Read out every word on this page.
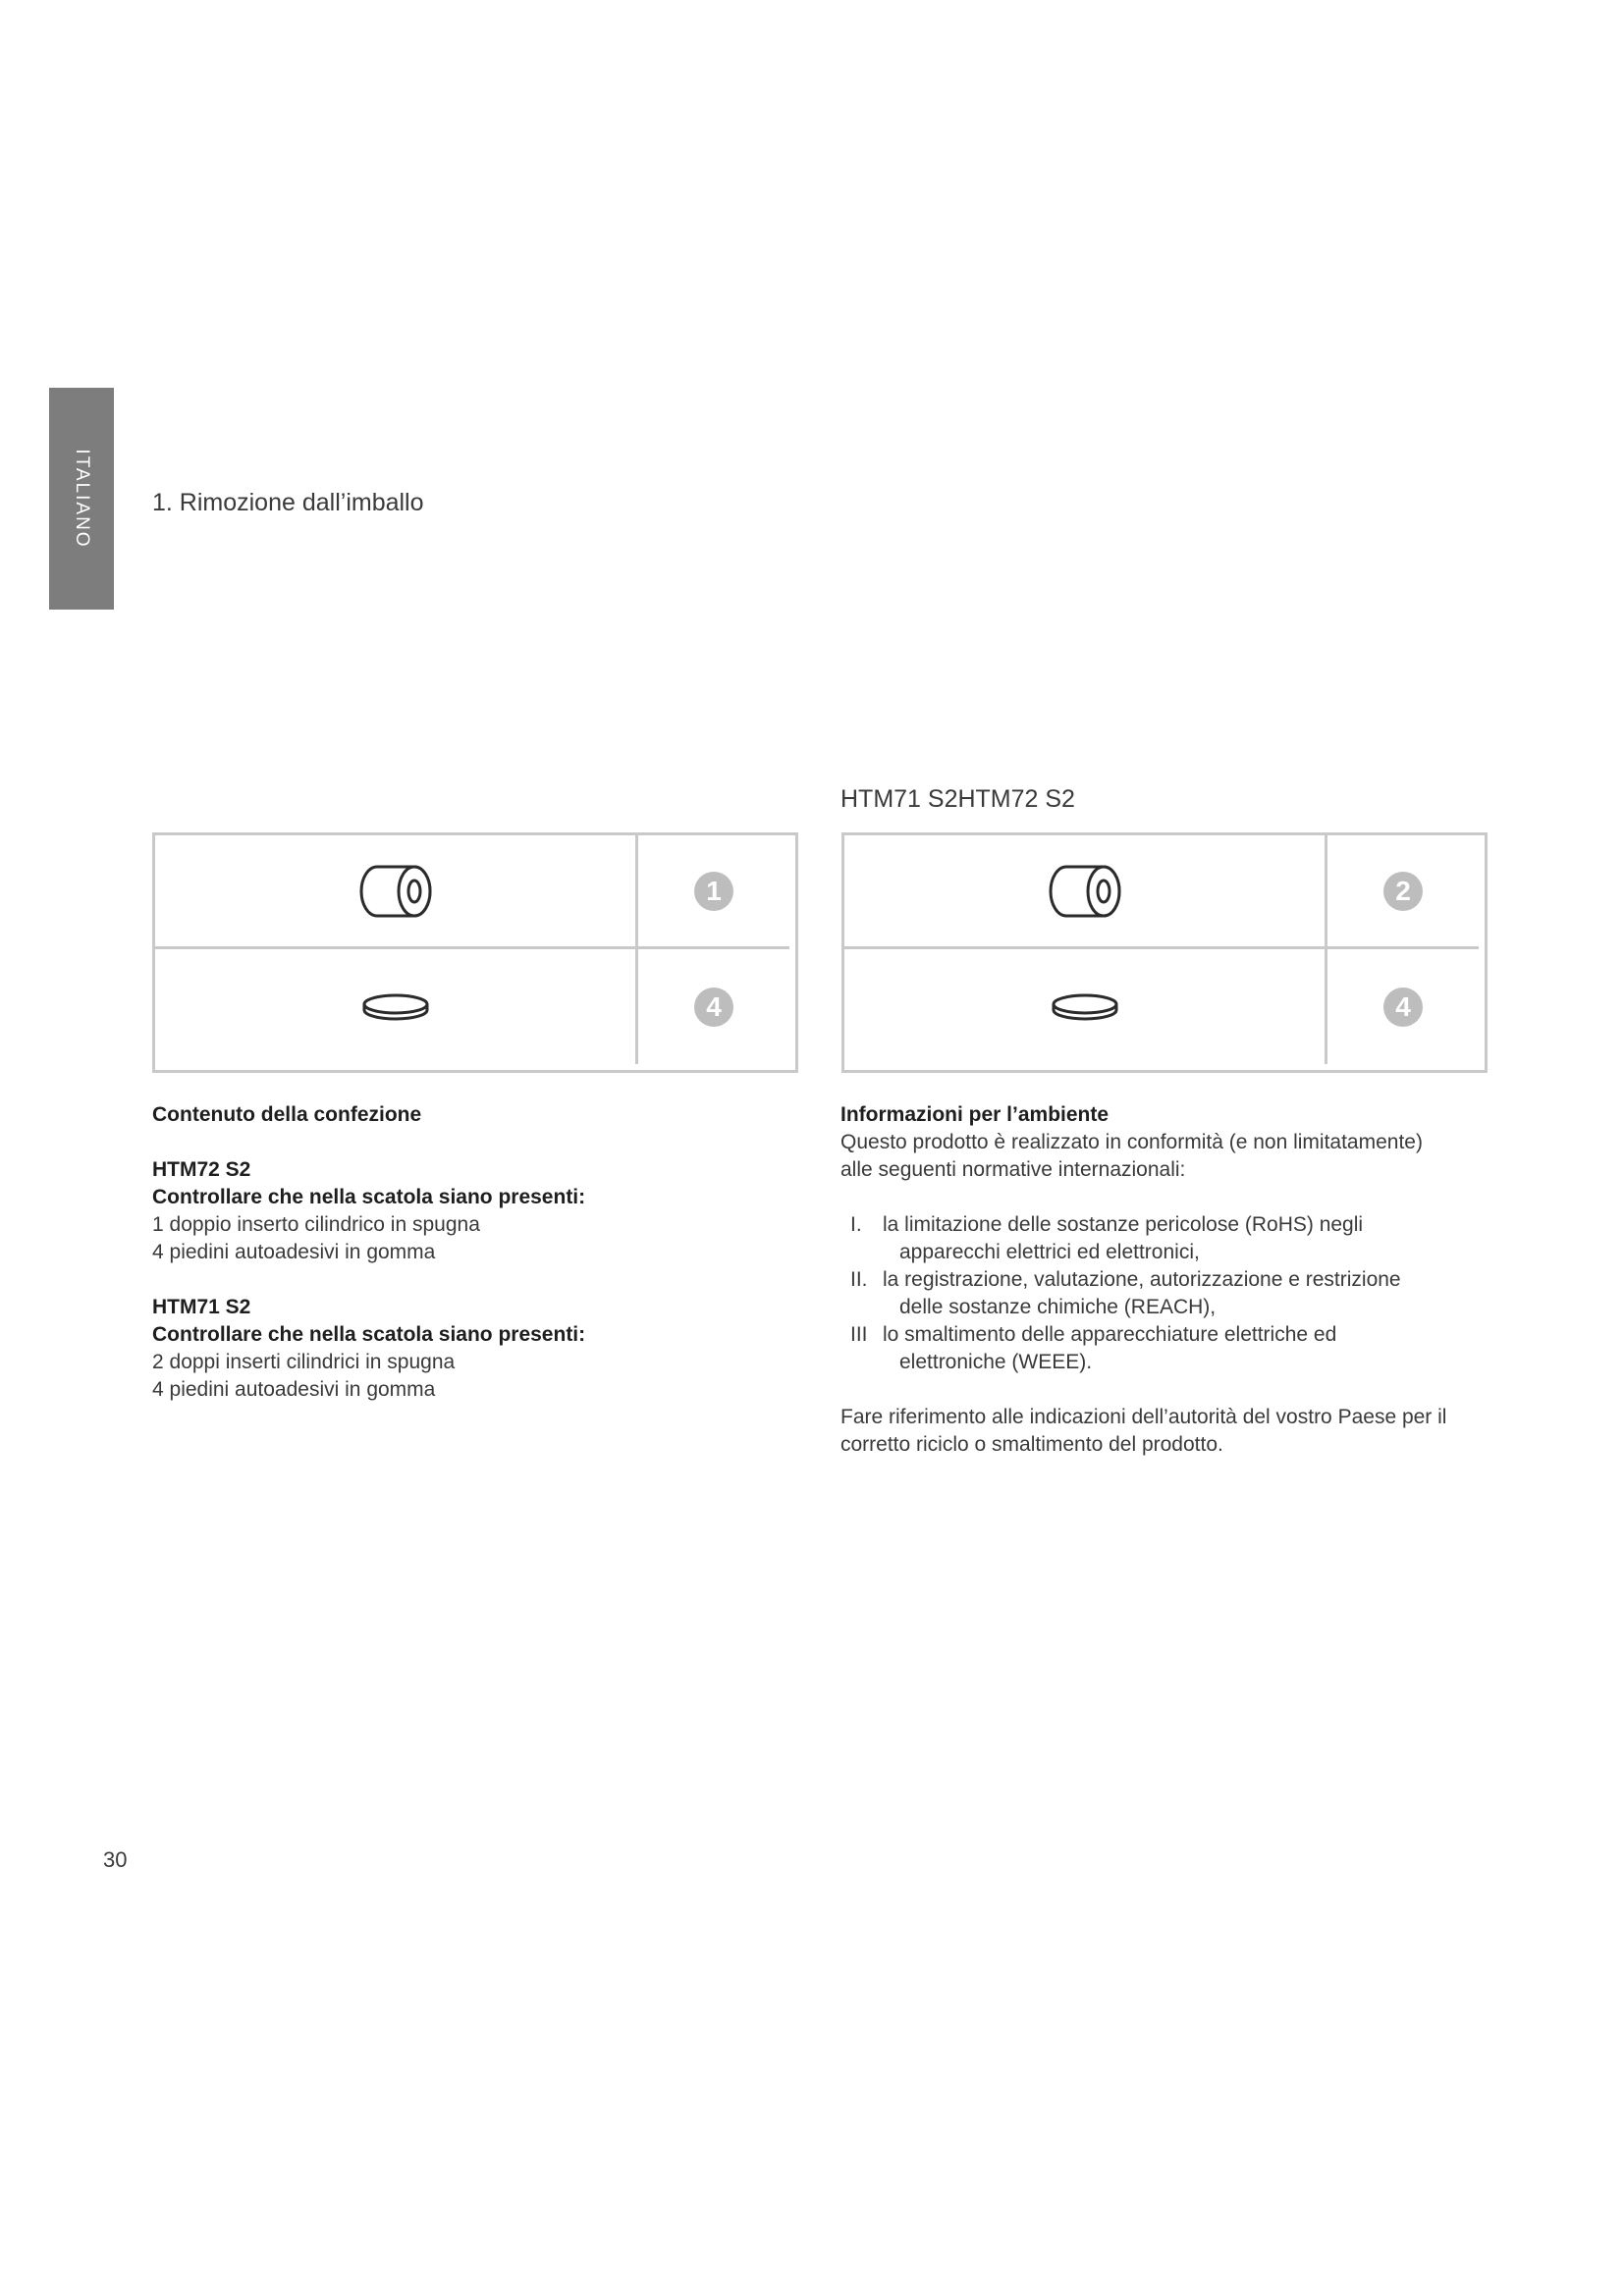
ITALIANO 1. Rimozione dall’imballo
HTM71 S2HTM72 S2
1
4
2
4
Contenuto della confezione
HTM72 S2
Controllare che nella scatola siano presenti:
1 doppio inserto cilindrico in spugna
4 piedini autoadesivi in gomma
HTM71 S2
Controllare che nella scatola siano presenti:
2 doppi inserti cilindrici in spugna
4 piedini autoadesivi in gomma
Informazioni per l’ambiente
Questo prodotto è realizzato in conformità (e non limitatamente)
alle seguenti normative internazionali:
I. la limitazione delle sostanze pericolose (RoHS) negli
apparecchi elettrici ed elettronici,
II. la registrazione, valutazione, autorizzazione e restrizione
delle sostanze chimiche (REACH),
III lo smaltimento delle apparecchiature elettriche ed
elettroniche (WEEE).
Fare riferimento alle indicazioni dell’autorità del vostro Paese per il
corretto riciclo o smaltimento del prodotto.
30
